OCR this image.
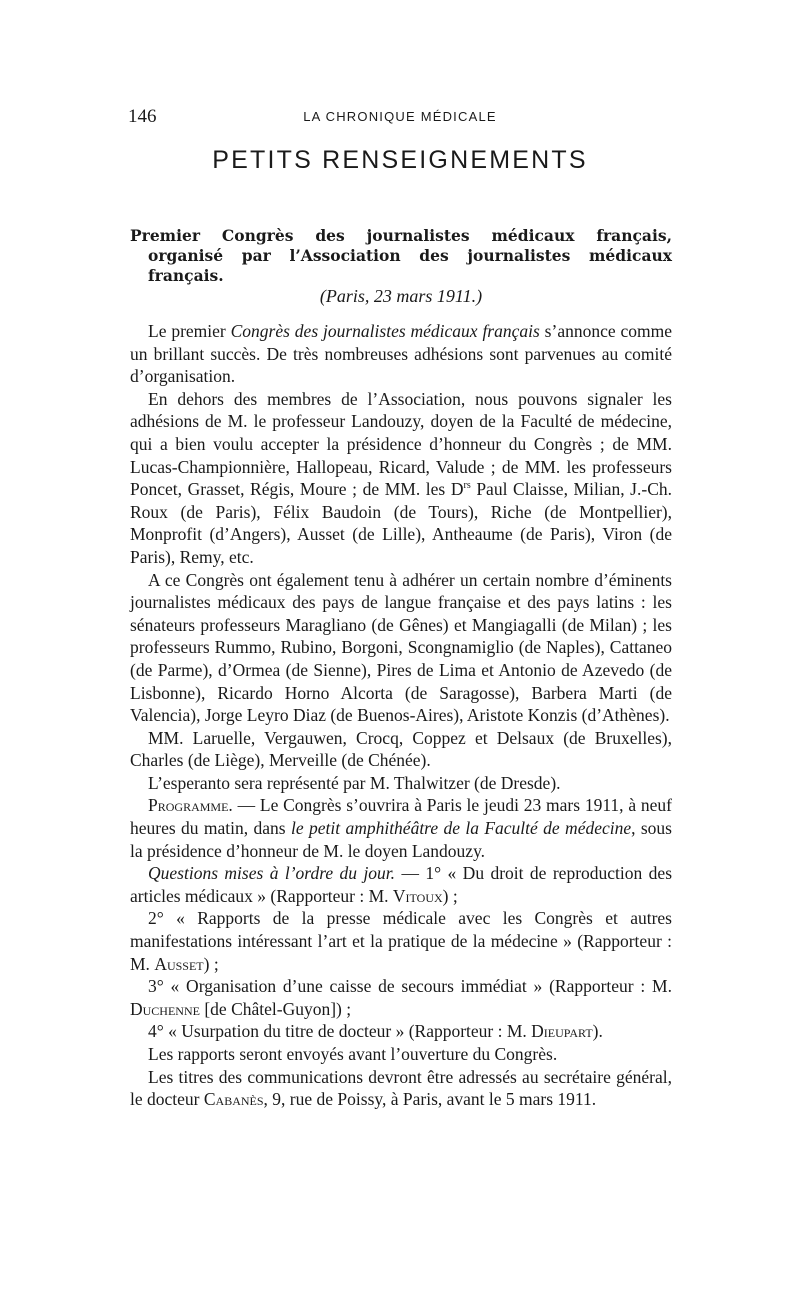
146	LA CHRONIQUE MÉDICALE
PETITS RENSEIGNEMENTS
Premier Congrès des journalistes médicaux français,
organisé par l’Association des journalistes médicaux
français.
(Paris, 23 mars 1911.)

Le premier Congrès des journalistes médicaux français s’annonce comme un brillant succès. De très nombreuses adhésions sont parvenues au comité d’organisation.

En dehors des membres de l’Association, nous pouvons signaler les adhésions de M. le professeur Landouzy, doyen de la Faculté de médecine, qui a bien voulu accepter la présidence d’honneur du Congrès ; de MM. Lucas-Championnière, Hallopeau, Ricard, Valude ; de MM. les professeurs Poncet, Grasset, Régis, Moure ; de MM. les $D^{rs}$ Paul Claisse, Milian, J.-Ch. Roux (de Paris), Félix Baudoin (de Tours), Riche (de Montpellier), Monprofit (d’Angers), Ausset (de Lille), Antheaume (de Paris), Viron (de Paris), Remy, etc.

A ce Congrès ont également tenu à adhérer un certain nombre d’éminents journalistes médicaux des pays de langue française et des pays latins : les sénateurs professeurs Maragliano (de Gênes) et Mangiagalli (de Milan) ; les professeurs Rummo, Rubino, Borgoni, Scongnamiglio (de Naples), Cattaneo (de Parme), d’Ormea (de Sienne), Pires de Lima et Antonio de Azevedo (de Lisbonne), Ricardo Horno Alcorta (de Saragosse), Barbera Marti (de Valencia), Jorge Leyro Diaz (de Buenos-Aires), Aristote Konzis (d’Athènes).

MM. Laruelle, Vergauwen, Crocq, Coppez et Delsaux (de Bruxelles), Charles (de Liège), Merveille (de Chénée).

L’esperanto sera représenté par M. Thalwitzer (de Dresde).

Programme. — Le Congrès s’ouvrira à Paris le jeudi 23 mars 1911, à neuf heures du matin, dans le petit amphithéâtre de la Faculté de médecine, sous la présidence d’honneur de M. le doyen Landouzy.

Questions mises à l’ordre du jour. — 1° « Du droit de reproduction des articles médicaux » (Rapporteur : M. Vitoux) ;

2° « Rapports de la presse médicale avec les Congrès et autres manifestations intéressant l’art et la pratique de la médecine » (Rapporteur : M. Ausset) ;

3° « Organisation d’une caisse de secours immédiat » (Rapporteur : M. Duchenne [de Châtel-Guyon]) ;

4° « Usurpation du titre de docteur » (Rapporteur : M. Dieupart).

Les rapports seront envoyés avant l’ouverture du Congrès.

Les titres des communications devront être adressés au secrétaire général, le docteur Cabanès, 9, rue de Poissy, à Paris, avant le 5 mars 1911.
